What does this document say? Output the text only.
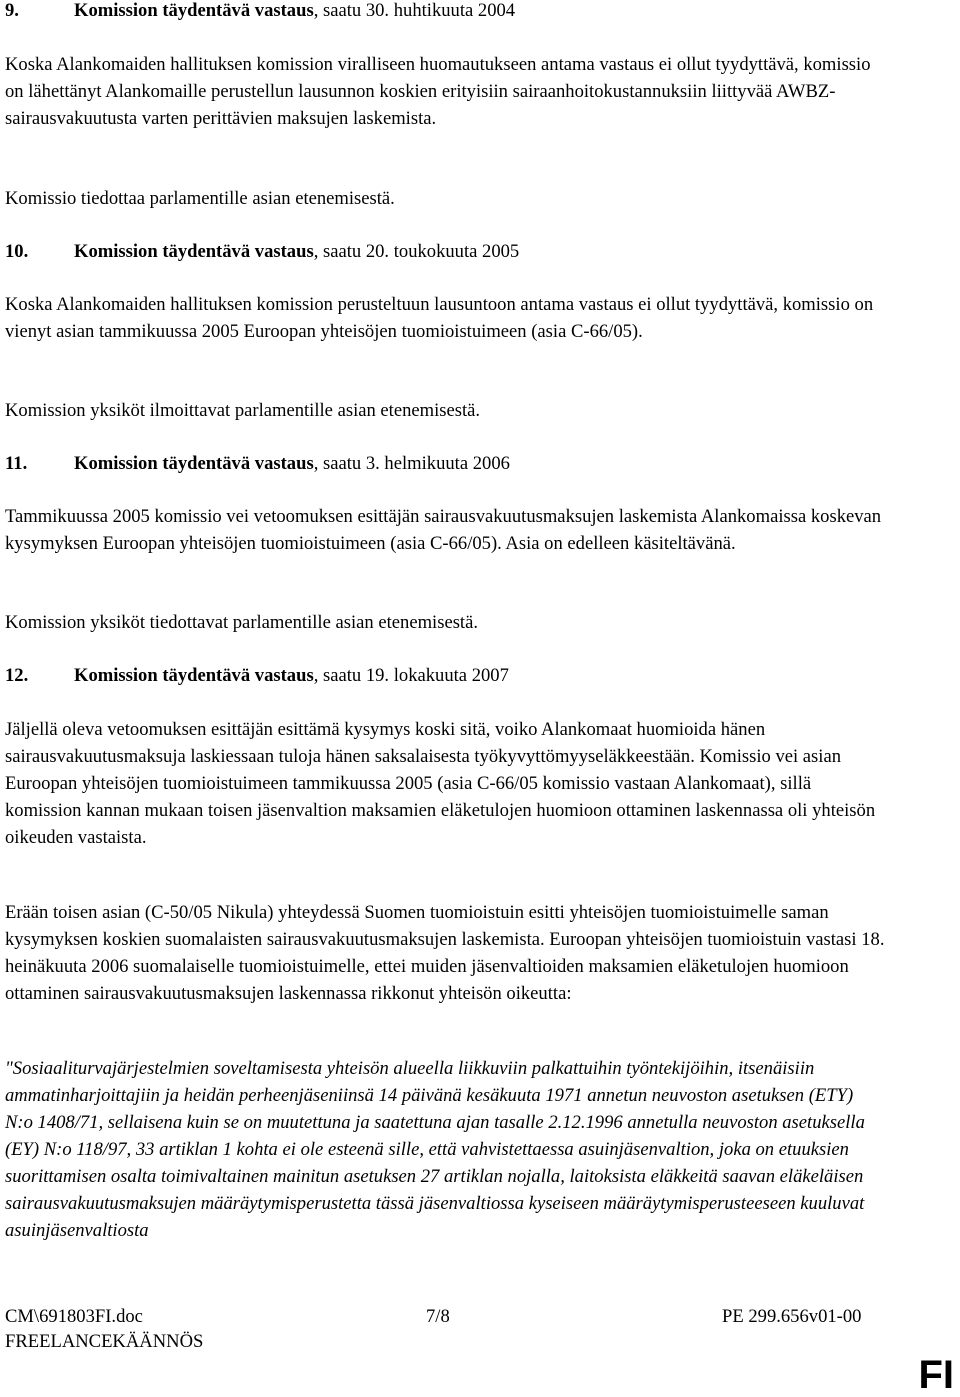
9.	Komission täydentävä vastaus, saatu 30. huhtikuuta 2004

Koska Alankomaiden hallituksen komission viralliseen huomautukseen antama vastaus ei ollut tyydyttävä, komissio on lähettänyt Alankomaille perustellun lausunnon koskien erityisiin sairaanhoitokustannuksiin liittyvää AWBZ-sairausvakuutusta varten perittävien maksujen laskemista.

Komissio tiedottaa parlamentille asian etenemisestä.

10. Komission täydentävä vastaus, saatu 20. toukokuuta 2005

Koska Alankomaiden hallituksen komission perusteltuun lausuntoon antama vastaus ei ollut tyydyttävä, komissio on vienyt asian tammikuussa 2005 Euroopan yhteisöjen tuomioistuimeen (asia C-66/05).

Komission yksiköt ilmoittavat parlamentille asian etenemisestä.

11.	Komission täydentävä vastaus, saatu 3. helmikuuta 2006

Tammikuussa 2005 komissio vei vetoomuksen esittäjän sairausvakuutusmaksujen laskemista Alankomaissa koskevan kysymyksen Euroopan yhteisöjen tuomioistuimeen (asia C-66/05). Asia on edelleen käsiteltävänä.

Komission yksiköt tiedottavat parlamentille asian etenemisestä.

12. Komission täydentävä vastaus, saatu 19. lokakuuta 2007

Jäljellä oleva vetoomuksen esittäjän esittämä kysymys koski sitä, voiko Alankomaat huomioida hänen sairausvakuutusmaksuja laskiessaan tuloja hänen saksalaisesta työkyvyttömyyseläkkeestään. Komissio vei asian Euroopan yhteisöjen tuomioistuimeen tammikuussa 2005 (asia C-66/05 komissio vastaan Alankomaat), sillä komission kannan mukaan toisen jäsenvaltion maksamien eläketulojen huomioon ottaminen laskennassa oli yhteisön oikeuden vastaista.

Erään toisen asian (C-50/05 Nikula) yhteydessä Suomen tuomioistuin esitti yhteisöjen tuomioistuimelle saman kysymyksen koskien suomalaisten sairausvakuutusmaksujen laskemista. Euroopan yhteisöjen tuomioistuin vastasi 18. heinäkuuta 2006 suomalaiselle tuomioistuimelle, ettei muiden jäsenvaltioiden maksamien eläketulojen huomioon ottaminen sairausvakuutusmaksujen laskennassa rikkonut yhteisön oikeutta:

"Sosiaaliturvajärjestelmien soveltamisesta yhteisön alueella liikkuviin palkattuihin työntekijöihin, itsenäisiin ammatinharjoittajiin ja heidän perheenjäseniinsä 14 päivänä kesäkuuta 1971 annetun neuvoston asetuksen (ETY) N:o 1408/71, sellaisena kuin se on muutettuna ja saatettuna ajan tasalle 2.12.1996 annetulla neuvoston asetuksella (EY) N:o 118/97, 33 artiklan 1 kohta ei ole esteenä sille, että vahvistettaessa asuinjäsenvaltion, joka on etuuksien suorittamisen osalta toimivaltainen mainitun asetuksen 27 artiklan nojalla, laitoksista eläkkeitä saavan eläkeläisen sairausvakuutusmaksujen määräytymisperustetta tässä jäsenvaltiossa kyseiseen määräytymisperusteeseen kuuluvat asuinjäsenvaltiosta

CM\691803FI.doc	7/8	PE 299.656v01-00
FREELANCEKÄÄNNÖS
FI
